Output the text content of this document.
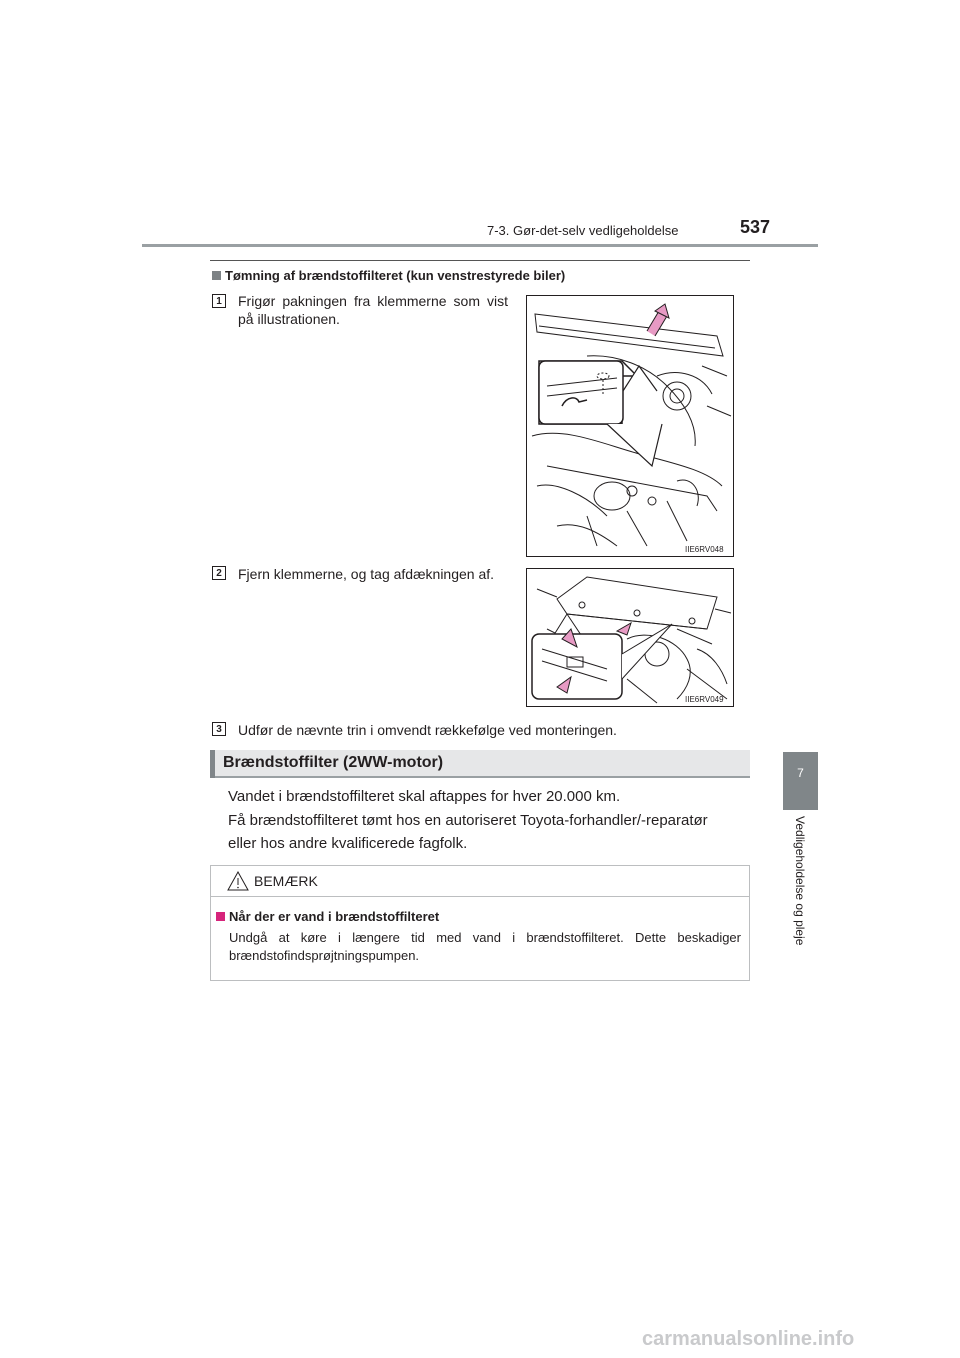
7-3. Gør-det-selv vedligeholdelse	537
7
Vedligeholdelse og pleje
Tømning af brændstoffilteret (kun venstrestyrede biler)
1	Frigør pakningen fra klemmerne som vist på illustrationen.
IIE6RV048
2	Fjern klemmerne, og tag afdækningen af.
IIE6RV049
3	Udfør de nævnte trin i omvendt rækkefølge ved monteringen.
Brændstoffilter (2WW-motor)
Vandet i brændstoffilteret skal aftappes for hver 20.000 km.
Få brændstoffilteret tømt hos en autoriseret Toyota-forhandler/-reparatør
eller hos andre kvalificerede fagfolk.
BEMÆRK
Når der er vand i brændstoffilteret
Undgå at køre i længere tid med vand i brændstoffilteret. Dette beskadiger brændstofindsprøjtningspumpen.
carmanualsonline.info
